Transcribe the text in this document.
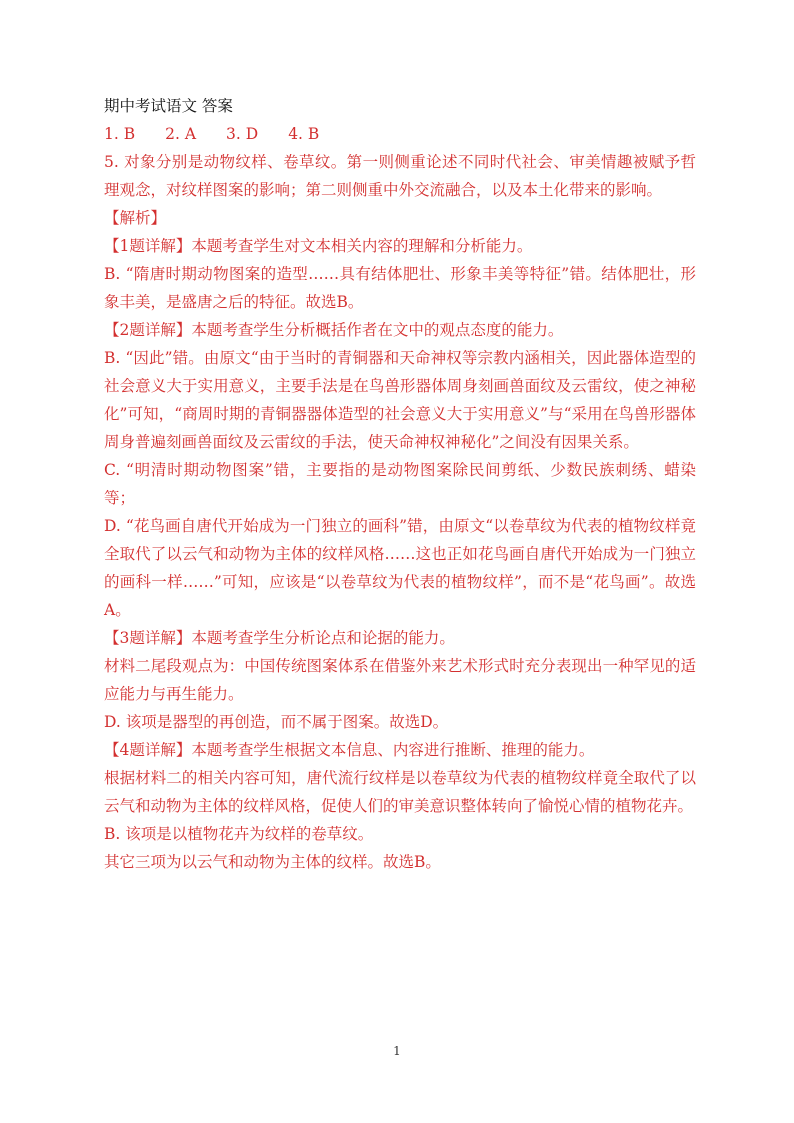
期中考试语文 答案

1. B 2. A 3. D 4. B

5. 对象分别是动物纹样、卷草纹。第一则侧重论述不同时代社会、审美情趣被赋予哲理观念，对纹样图案的影响；第二则侧重中外交流融合，以及本土化带来的影响。

【解析】

【1题详解】本题考查学生对文本相关内容的理解和分析能力。

B. “隋唐时期动物图案的造型……具有结体肥壮、形象丰美等特征”错。结体肥壮，形象丰美，是盛唐之后的特征。故选B。

【2题详解】本题考查学生分析概括作者在文中的观点态度的能力。

B. “因此”错。由原文“由于当时的青铜器和天命神权等宗教内涵相关，因此器体造型的社会意义大于实用意义，主要手法是在鸟兽形器体周身刻画兽面纹及云雷纹，使之神秘化”可知，“商周时期的青铜器器体造型的社会意义大于实用意义”与“采用在鸟兽形器体周身普遍刻画兽面纹及云雷纹的手法，使天命神权神秘化”之间没有因果关系。

C. “明清时期动物图案”错，主要指的是动物图案除民间剪纸、少数民族刺绣、蜡染等；

D. “花鸟画自唐代开始成为一门独立的画科”错，由原文“以卷草纹为代表的植物纹样竟全取代了以云气和动物为主体的纹样风格……这也正如花鸟画自唐代开始成为一门独立的画科一样……”可知，应该是“以卷草纹为代表的植物纹样”，而不是“花鸟画”。故选A。

【3题详解】本题考查学生分析论点和论据的能力。

材料二尾段观点为：中国传统图案体系在借鉴外来艺术形式时充分表现出一种罕见的适应能力与再生能力。

D. 该项是器型的再创造，而不属于图案。故选D。

【4题详解】本题考查学生根据文本信息、内容进行推断、推理的能力。

根据材料二的相关内容可知，唐代流行纹样是以卷草纹为代表的植物纹样竟全取代了以云气和动物为主体的纹样风格，促使人们的审美意识整体转向了愉悦心情的植物花卉。

B. 该项是以植物花卉为纹样的卷草纹。

其它三项为以云气和动物为主体的纹样。故选B。

1
